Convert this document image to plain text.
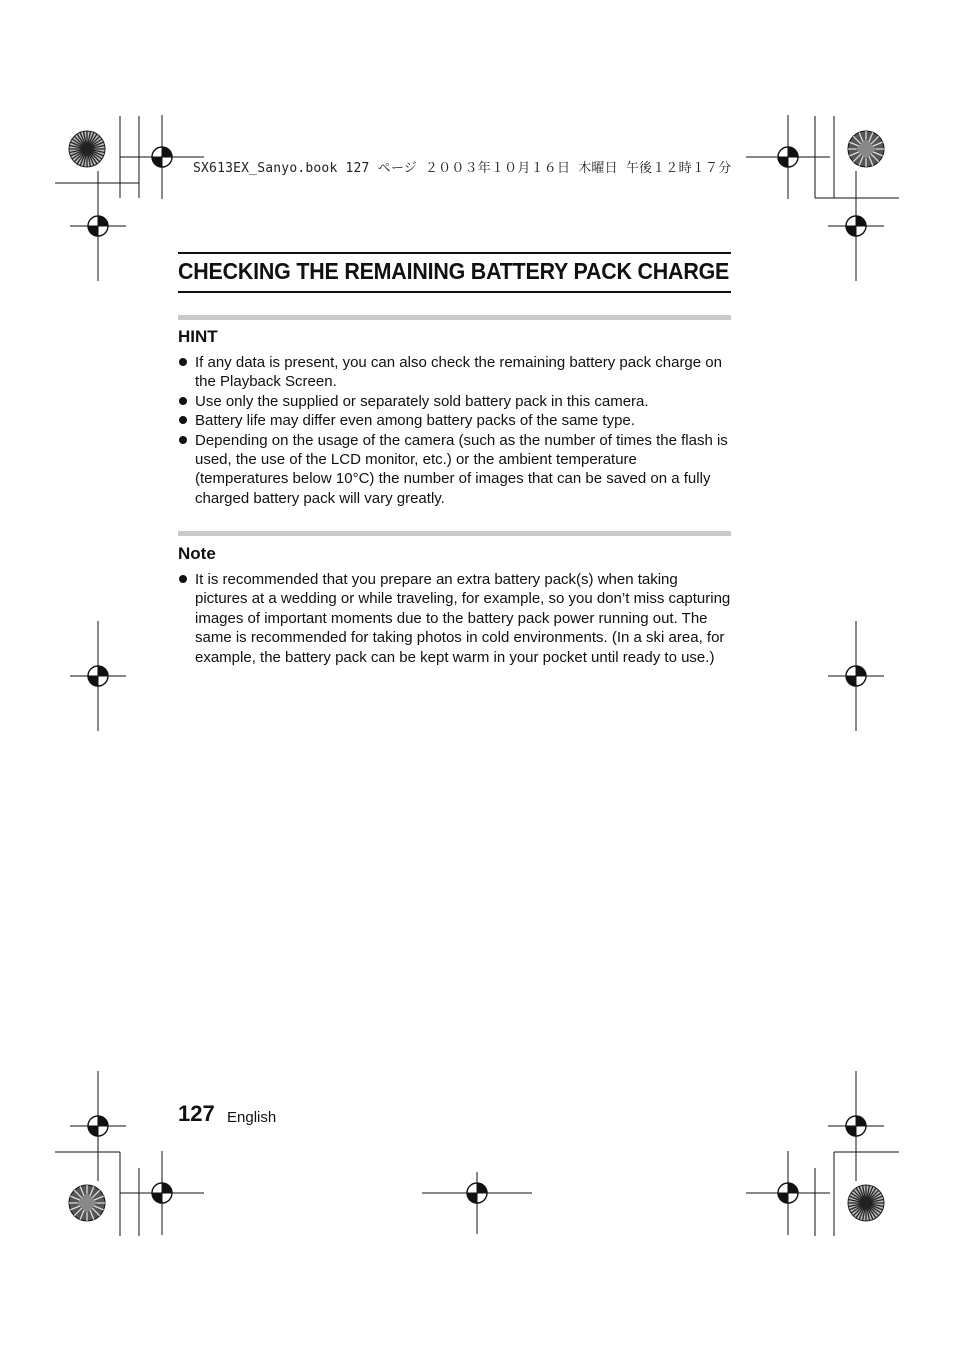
SX613EX_Sanyo.book 127 ページ ２００３年１０月１６日 木曜日 午後１２時１７分
CHECKING THE REMAINING BATTERY PACK CHARGE
HINT
If any data is present, you can also check the remaining battery pack charge on the Playback Screen.
Use only the supplied or separately sold battery pack in this camera.
Battery life may differ even among battery packs of the same type.
Depending on the usage of the camera (such as the number of times the flash is used, the use of the LCD monitor, etc.) or the ambient temperature (temperatures below 10°C) the number of images that can be saved on a fully charged battery pack will vary greatly.
Note
It is recommended that you prepare an extra battery pack(s) when taking pictures at a wedding or while traveling, for example, so you don’t miss capturing images of important moments due to the battery pack power running out. The same is recommended for taking photos in cold environments. (In a ski area, for example, the battery pack can be kept warm in your pocket until ready to use.)
127 English
